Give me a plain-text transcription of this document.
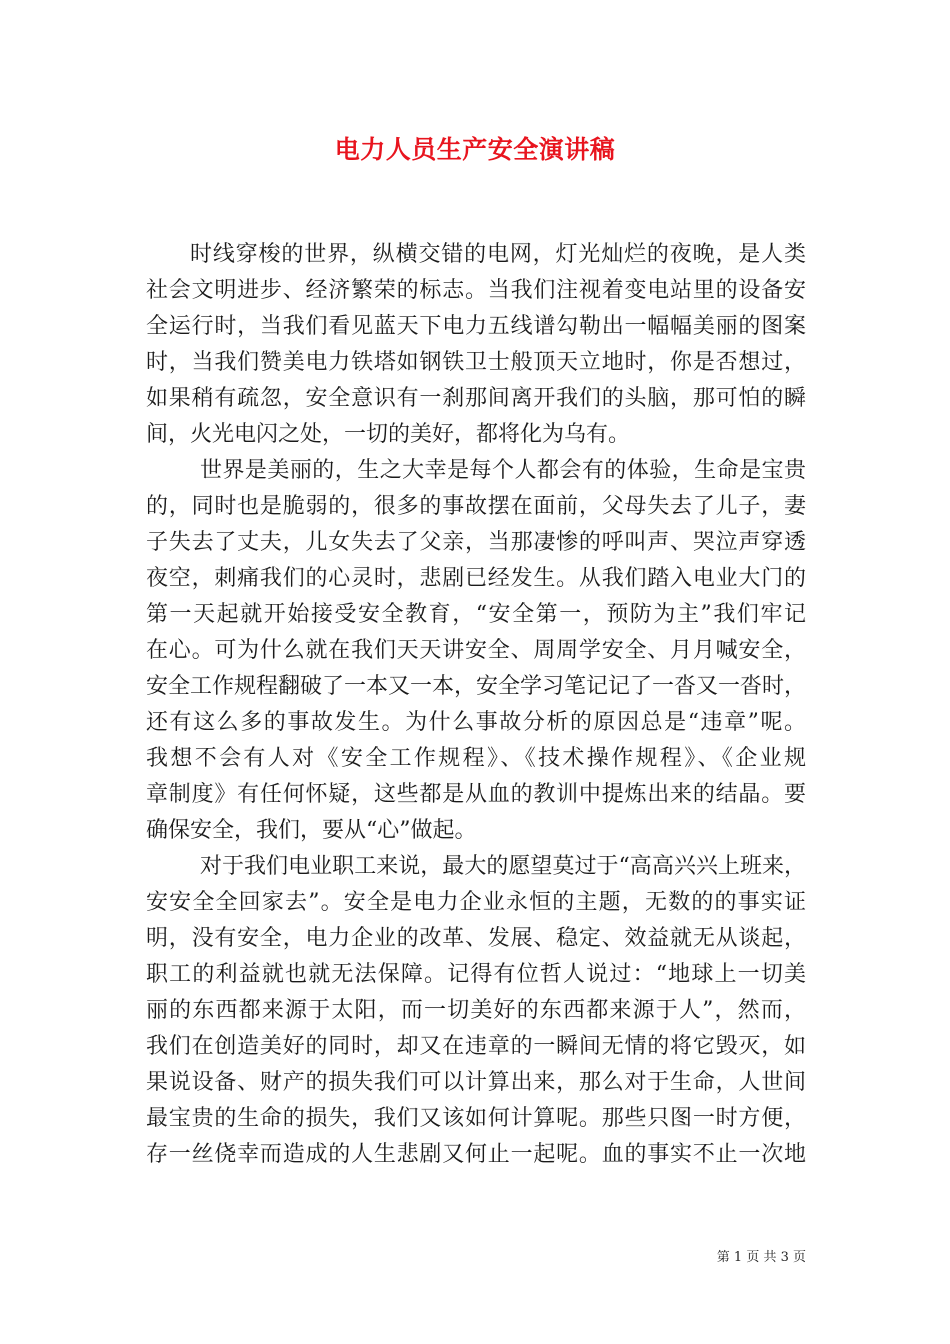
电力人员生产安全演讲稿
时线穿梭的世界，纵横交错的电网，灯光灿烂的夜晚，是人类
社会文明进步、经济繁荣的标志。当我们注视着变电站里的设备安
全运行时，当我们看见蓝天下电力五线谱勾勒出一幅幅美丽的图案
时，当我们赞美电力铁塔如钢铁卫士般顶天立地时，你是否想过，
如果稍有疏忽，安全意识有一刹那间离开我们的头脑，那可怕的瞬
间，火光电闪之处，一切的美好，都将化为乌有。
世界是美丽的，生之大幸是每个人都会有的体验，生命是宝贵
的，同时也是脆弱的，很多的事故摆在面前，父母失去了儿子，妻
子失去了丈夫，儿女失去了父亲，当那凄惨的呼叫声、哭泣声穿透
夜空，刺痛我们的心灵时，悲剧已经发生。从我们踏入电业大门的
第一天起就开始接受安全教育，“安全第一，预防为主”我们牢记
在心。可为什么就在我们天天讲安全、周周学安全、月月喊安全，
安全工作规程翻破了一本又一本，安全学习笔记记了一沓又一沓时，
还有这么多的事故发生。为什么事故分析的原因总是“违章”呢。
我想不会有人对《安全工作规程》、《技术操作规程》、《企业规
章制度》有任何怀疑，这些都是从血的教训中提炼出来的结晶。要
确保安全，我们，要从“心”做起。
对于我们电业职工来说，最大的愿望莫过于“高高兴兴上班来，
安安全全回家去”。安全是电力企业永恒的主题，无数的的事实证
明，没有安全，电力企业的改革、发展、稳定、效益就无从谈起，
职工的利益就也就无法保障。记得有位哲人说过：“地球上一切美
丽的东西都来源于太阳，而一切美好的东西都来源于人”，然而，
我们在创造美好的同时，却又在违章的一瞬间无情的将它毁灭，如
果说设备、财产的损失我们可以计算出来，那么对于生命，人世间
最宝贵的生命的损失，我们又该如何计算呢。那些只图一时方便，
存一丝侥幸而造成的人生悲剧又何止一起呢。血的事实不止一次地
第 1 页 共 3 页
